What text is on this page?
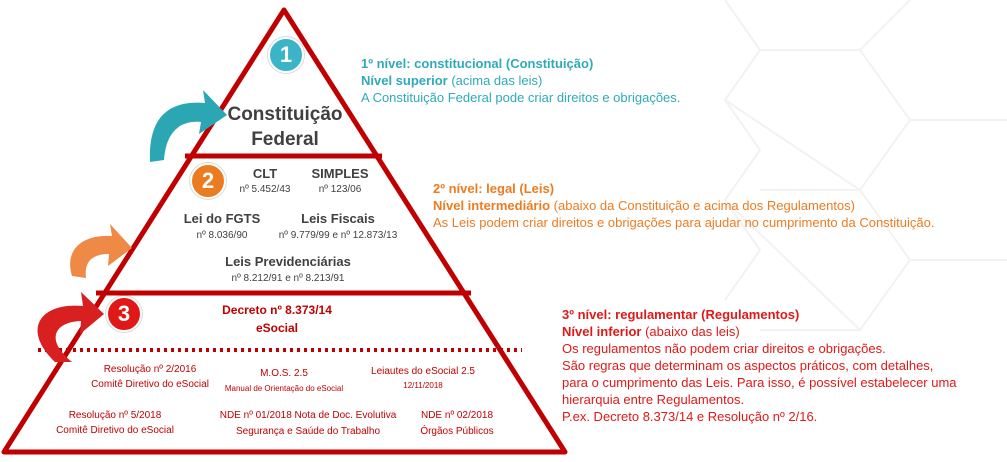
1
2
3
Constituição
Federal
CLT
nº 5.452/43
SIMPLES
nº 123/06
Lei do FGTS
nº 8.036/90
Leis Fiscais
nº 9.779/99 e nº 12.873/13
Leis Previdenciárias
nº 8.212/91 e nº 8.213/91
Decreto nº 8.373/14
eSocial
Resolução nº 2/2016
Comitê Diretivo do eSocial
M.O.S. 2.5
Manual de Orientação do eSocial
Leiautes do eSocial 2.5
12/11/2018
Resolução nº 5/2018
Comitê Diretivo do eSocial
NDE nº 01/2018 Nota de Doc. Evolutiva
Segurança e Saúde do Trabalho
NDE nº 02/2018
Órgãos Públicos
1º nível: constitucional (Constituição)
Nível superior (acima das leis)
A Constituição Federal pode criar direitos e obrigações.
2º nível: legal (Leis)
Nível intermediário (abaixo da Constituição e acima dos Regulamentos)
As Leis podem criar direitos e obrigações para ajudar no cumprimento da Constituição.
3º nível: regulamentar (Regulamentos)
Nível inferior (abaixo das leis)
Os regulamentos não podem criar direitos e obrigações.
São regras que determinam os aspectos práticos, com detalhes,
para o cumprimento das Leis. Para isso, é possível estabelecer uma
hierarquia entre Regulamentos.
P.ex. Decreto 8.373/14 e Resolução nº 2/16.
